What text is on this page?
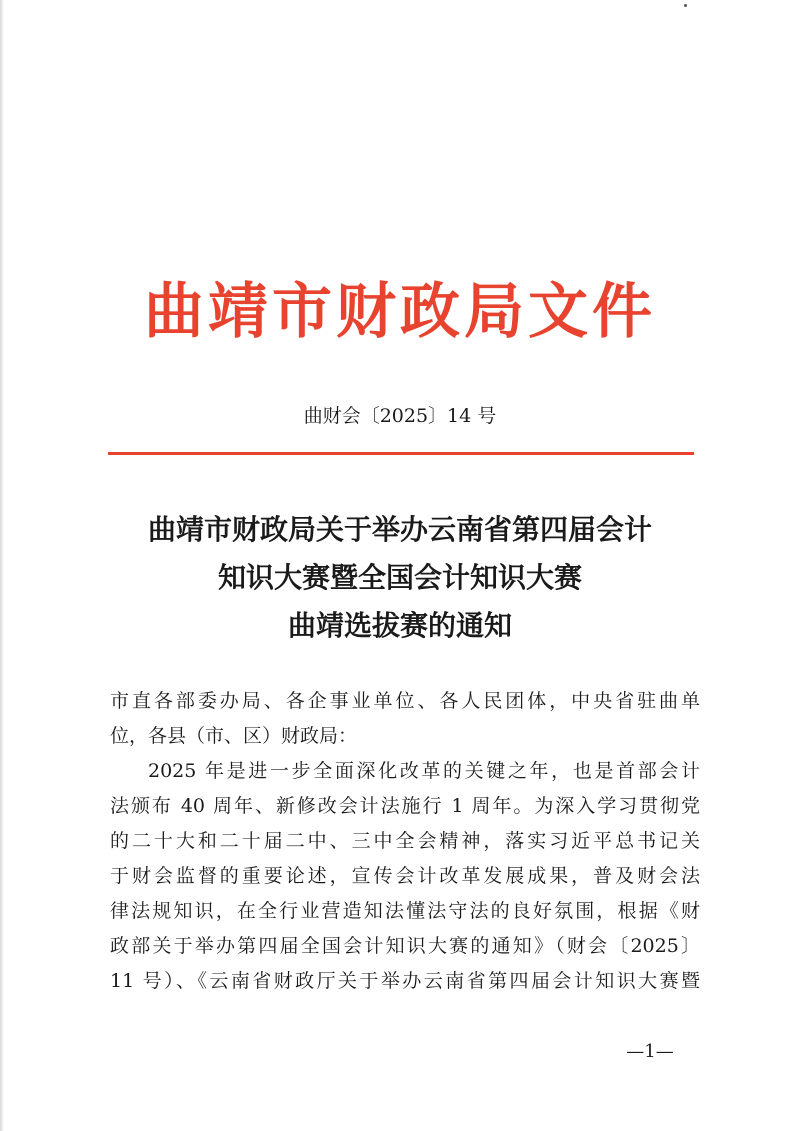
曲靖市财政局文件
曲财会〔2025〕14 号
曲靖市财政局关于举办云南省第四届会计
知识大赛暨全国会计知识大赛
曲靖选拔赛的通知
市直各部委办局、各企事业单位、各人民团体，中央省驻曲单
位，各县（市、区）财政局：
2025 年是进一步全面深化改革的关键之年，也是首部会计
法颁布 40 周年、新修改会计法施行 1 周年。为深入学习贯彻党
的二十大和二十届二中、三中全会精神，落实习近平总书记关
于财会监督的重要论述，宣传会计改革发展成果，普及财会法
律法规知识，在全行业营造知法懂法守法的良好氛围，根据《财
政部关于举办第四届全国会计知识大赛的通知》（财会〔2025〕
11 号）、《云南省财政厅关于举办云南省第四届会计知识大赛暨
—1—
